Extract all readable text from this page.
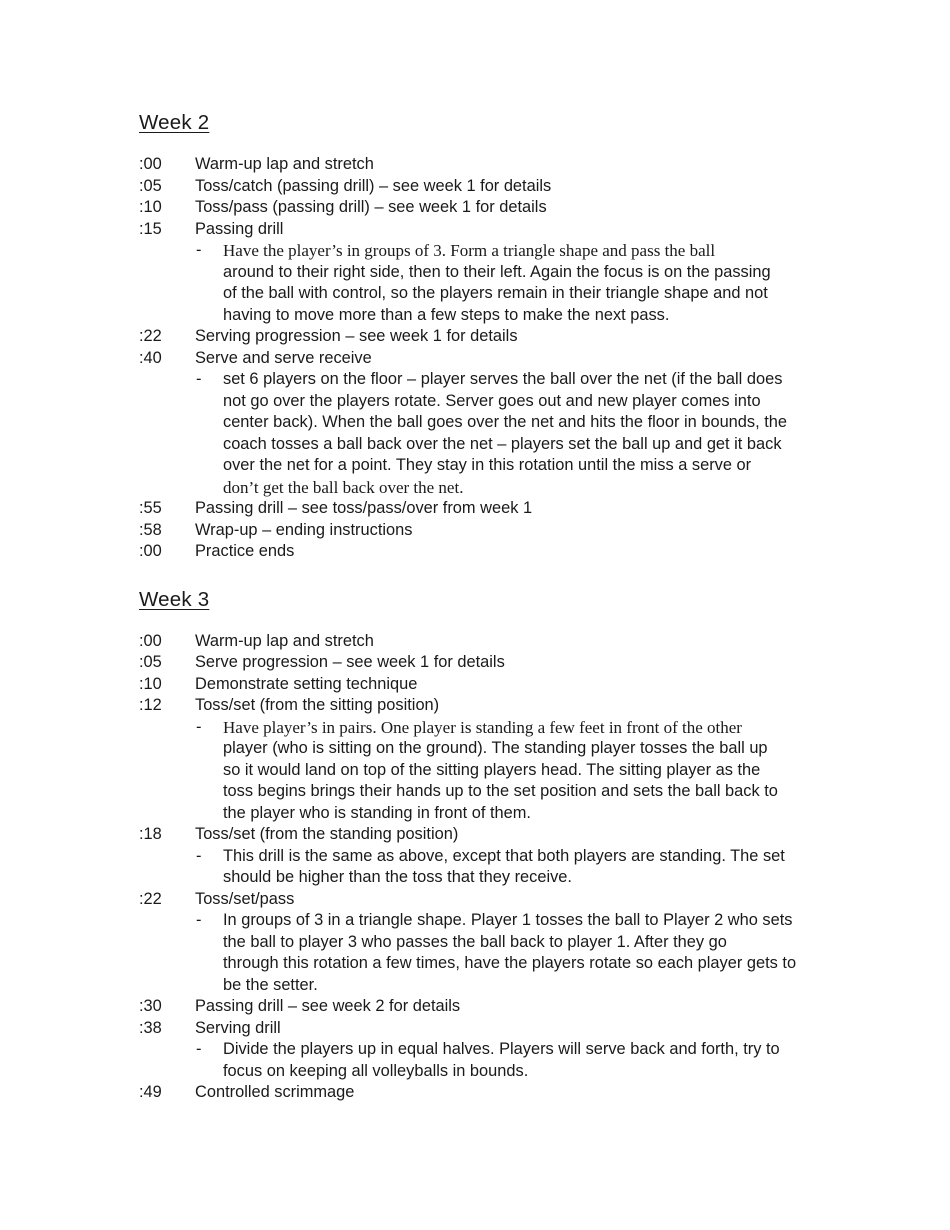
Week 2
:00	Warm-up lap and stretch
:05	Toss/catch (passing drill) – see week 1 for details
:10	Toss/pass (passing drill) – see week 1 for details
:15	Passing drill
- Have the player’s in groups of 3. Form a triangle shape and pass the ball
around to their right side, then to their left. Again the focus is on the passing
of the ball with control, so the players remain in their triangle shape and not
having to move more than a few steps to make the next pass.
:22	Serving progression – see week 1 for details
:40	Serve and serve receive
- set 6 players on the floor – player serves the ball over the net (if the ball does
not go over the players rotate. Server goes out and new player comes into
center back). When the ball goes over the net and hits the floor in bounds, the
coach tosses a ball back over the net – players set the ball up and get it back
over the net for a point. They stay in this rotation until the miss a serve or
don’t get the ball back over the net.
:55	Passing drill – see toss/pass/over from week 1
:58	Wrap-up – ending instructions
:00	Practice ends
Week 3
:00	Warm-up lap and stretch
:05	Serve progression – see week 1 for details
:10	Demonstrate setting technique
:12	Toss/set (from the sitting position)
- Have player’s in pairs. One player is standing a few feet in front of the other
player (who is sitting on the ground). The standing player tosses the ball up
so it would land on top of the sitting players head. The sitting player as the
toss begins brings their hands up to the set position and sets the ball back to
the player who is standing in front of them.
:18	Toss/set (from the standing position)
- This drill is the same as above, except that both players are standing. The set
should be higher than the toss that they receive.
:22	Toss/set/pass
- In groups of 3 in a triangle shape. Player 1 tosses the ball to Player 2 who sets
the ball to player 3 who passes the ball back to player 1. After they go
through this rotation a few times, have the players rotate so each player gets to
be the setter.
:30	Passing drill – see week 2 for details
:38	Serving drill
- Divide the players up in equal halves. Players will serve back and forth, try to
focus on keeping all volleyballs in bounds.
:49	Controlled scrimmage
